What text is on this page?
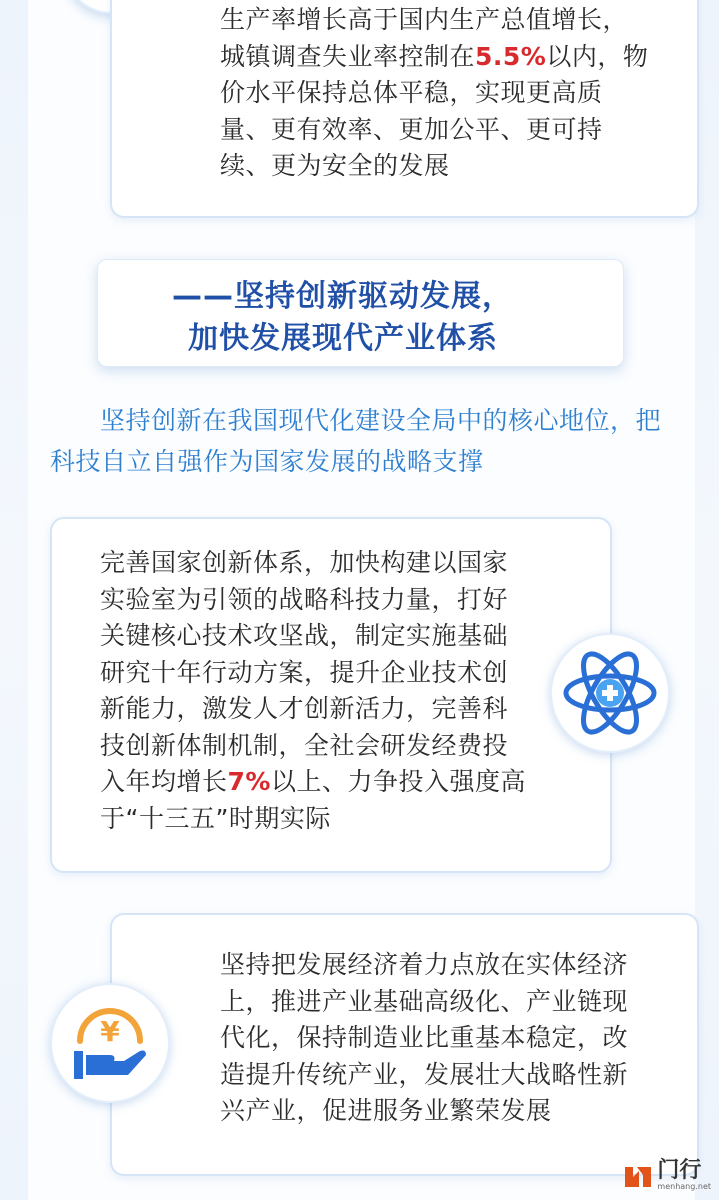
生产率增长高于国内生产总值增长，
城镇调查失业率控制在5.5%以内，物
价水平保持总体平稳，实现更高质
量、更有效率、更加公平、更可持
续、更为安全的发展
——坚持创新驱动发展，
加快发展现代产业体系
坚持创新在我国现代化建设全局中的核心地位，把
科技自立自强作为国家发展的战略支撑
完善国家创新体系，加快构建以国家
实验室为引领的战略科技力量，打好
关键核心技术攻坚战，制定实施基础
研究十年行动方案，提升企业技术创
新能力，激发人才创新活力，完善科
技创新体制机制，全社会研发经费投
入年均增长7%以上、力争投入强度高
于“十三五”时期实际
坚持把发展经济着力点放在实体经济
上，推进产业基础高级化、产业链现
代化，保持制造业比重基本稳定，改
造提升传统产业，发展壮大战略性新
兴产业，促进服务业繁荣发展
¥
门行
menhang.net
